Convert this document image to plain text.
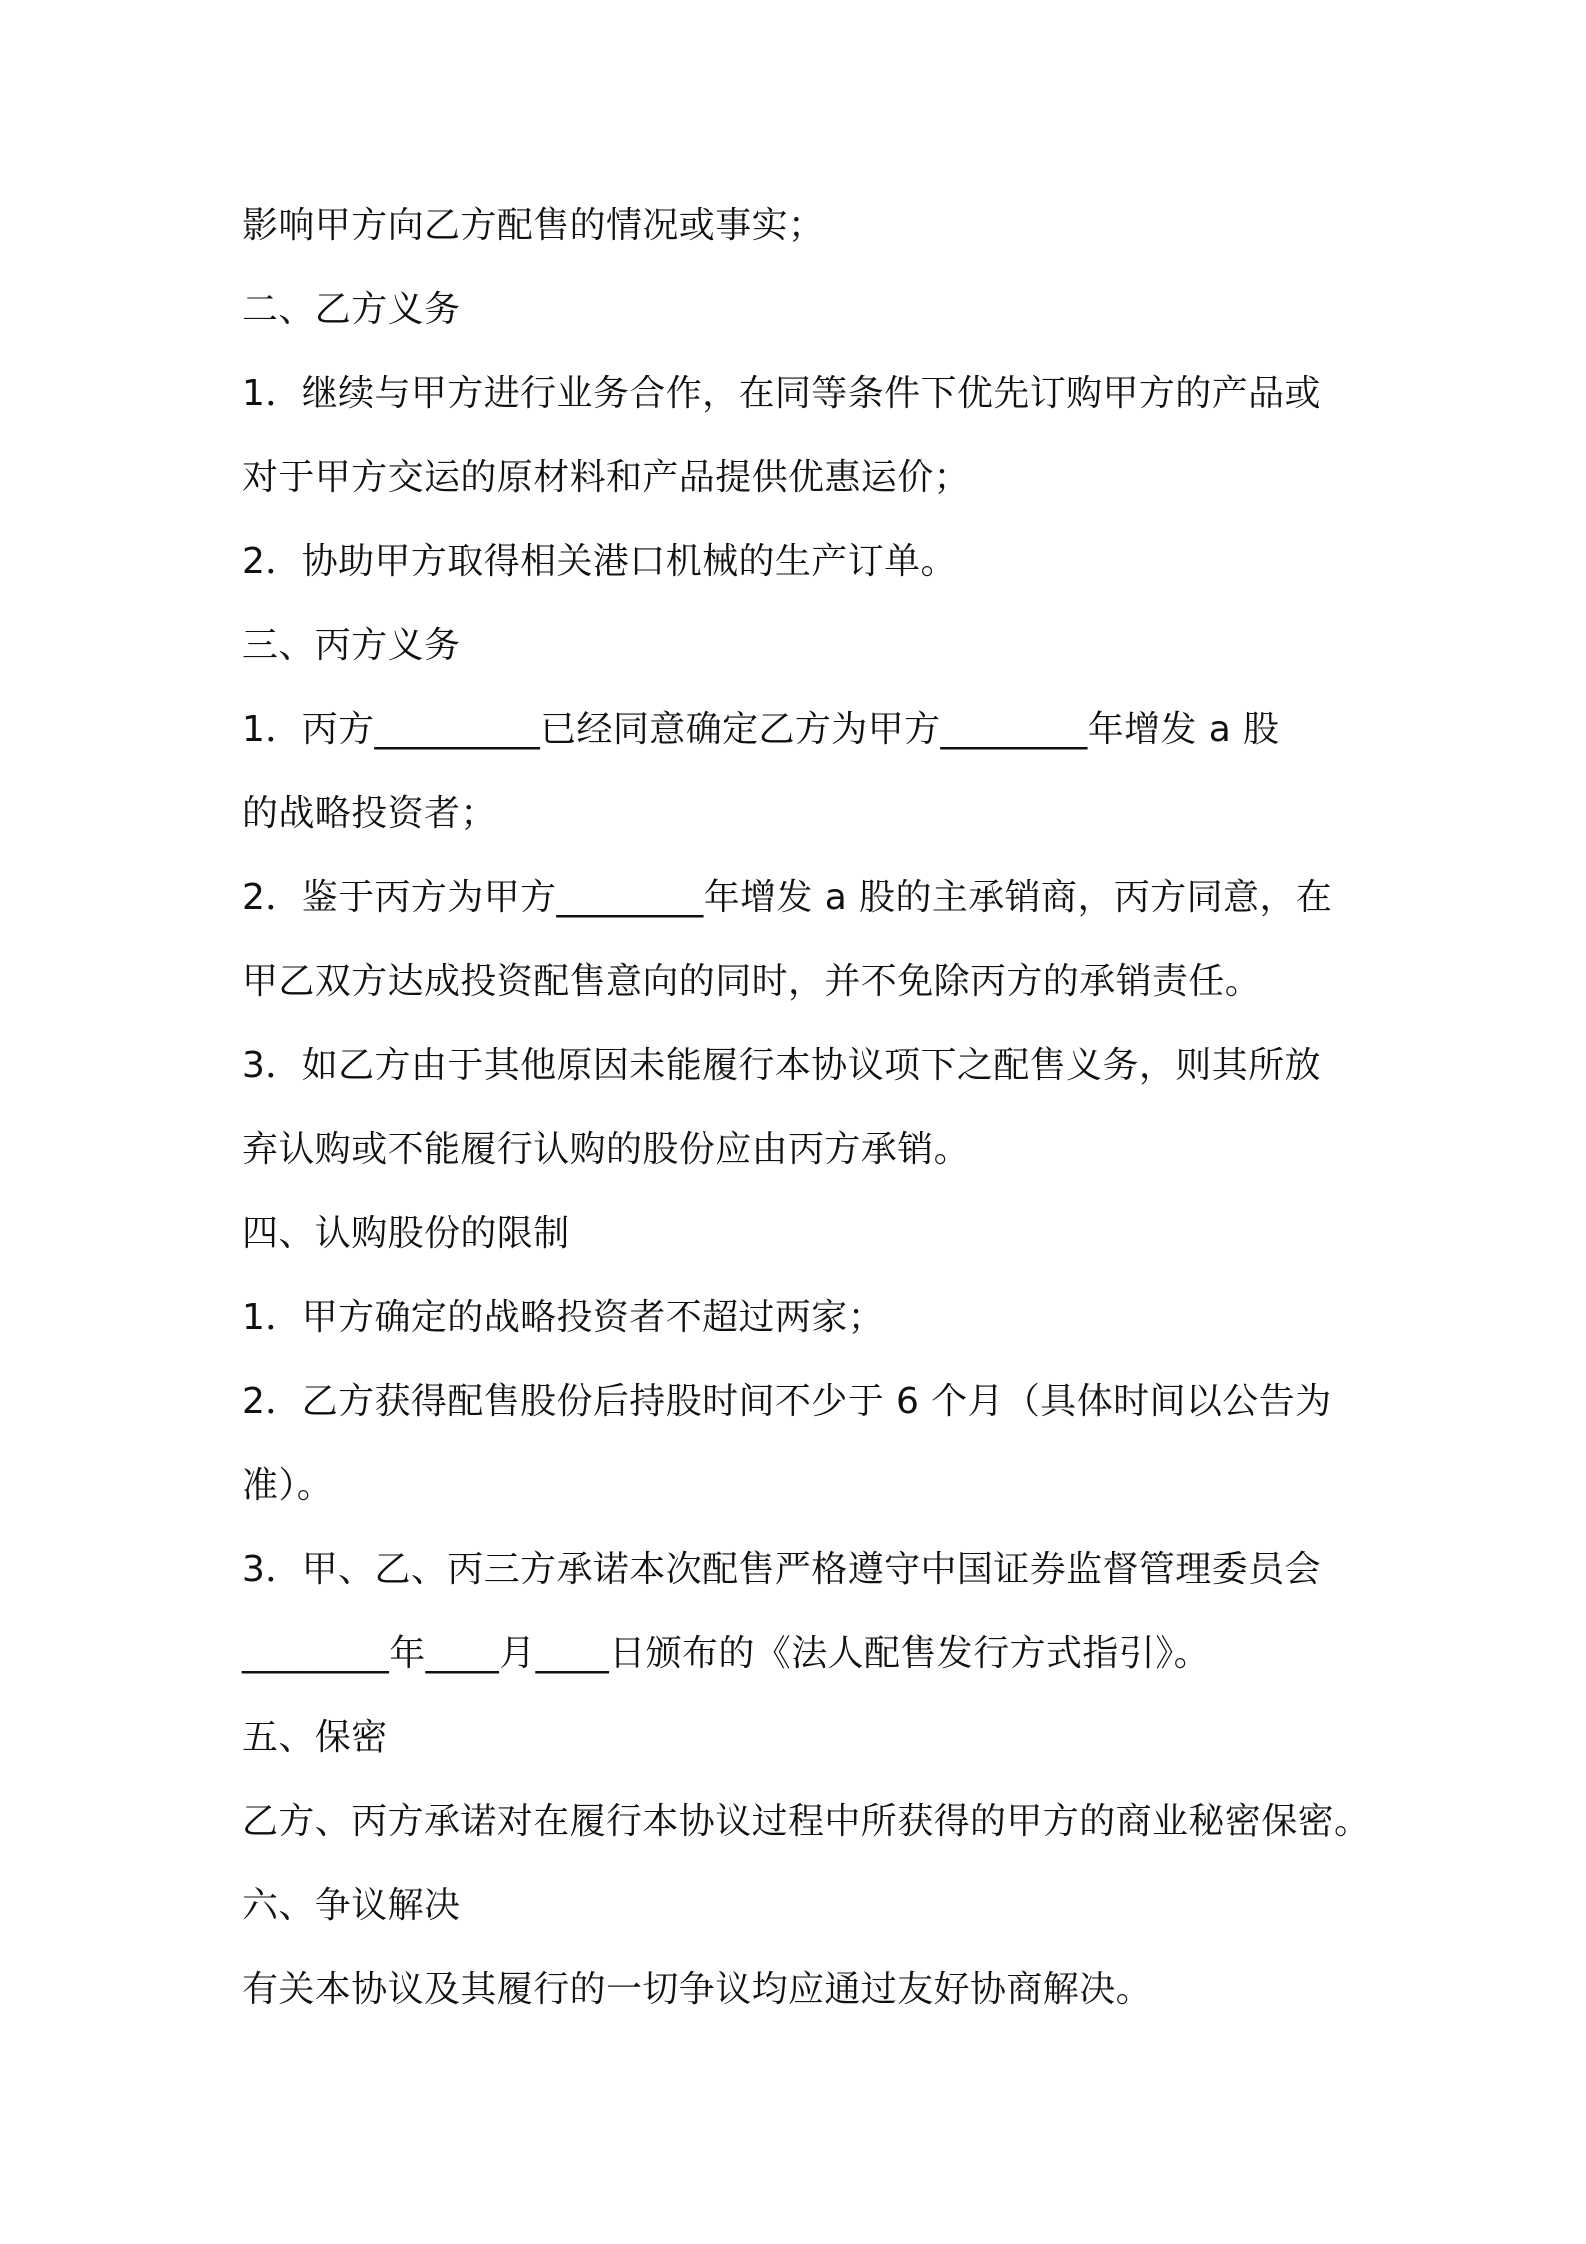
影响甲方向乙方配售的情况或事实；
二、乙方义务
1．继续与甲方进行业务合作，在同等条件下优先订购甲方的产品或
对于甲方交运的原材料和产品提供优惠运价；
2．协助甲方取得相关港口机械的生产订单。
三、丙方义务
1．丙方_________已经同意确定乙方为甲方________年增发 a 股
的战略投资者；
2．鉴于丙方为甲方________年增发 a 股的主承销商，丙方同意，在
甲乙双方达成投资配售意向的同时，并不免除丙方的承销责任。
3．如乙方由于其他原因未能履行本协议项下之配售义务，则其所放
弃认购或不能履行认购的股份应由丙方承销。
四、认购股份的限制
1．甲方确定的战略投资者不超过两家；
2．乙方获得配售股份后持股时间不少于 6 个月（具体时间以公告为
准）。
3．甲、乙、丙三方承诺本次配售严格遵守中国证券监督管理委员会
________年____月____日颁布的《法人配售发行方式指引》。
五、保密
乙方、丙方承诺对在履行本协议过程中所获得的甲方的商业秘密保密。
六、争议解决
有关本协议及其履行的一切争议均应通过友好协商解决。
